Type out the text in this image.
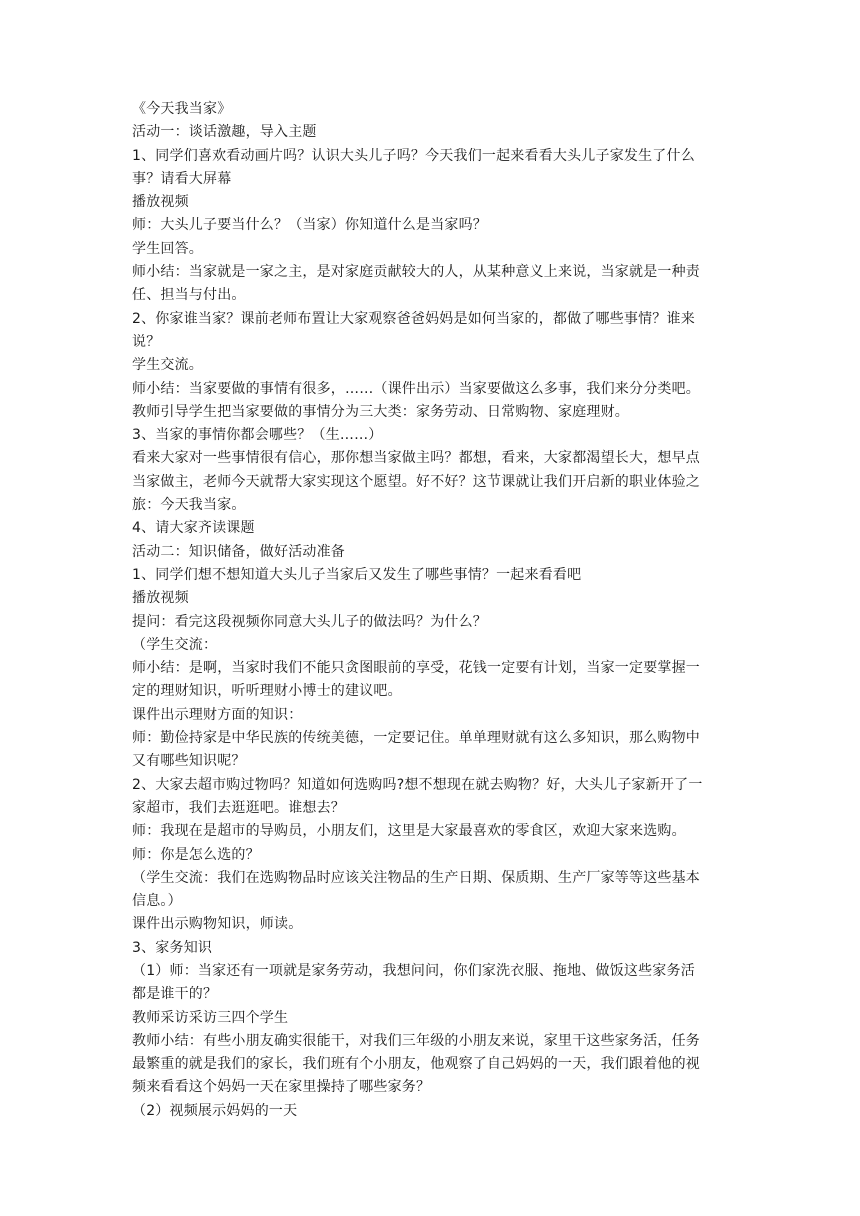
《今天我当家》

活动一：谈话激趣，导入主题

1、同学们喜欢看动画片吗？认识大头儿子吗？今天我们一起来看看大头儿子家发生了什么

事？请看大屏幕

播放视频

师：大头儿子要当什么？（当家）你知道什么是当家吗？

学生回答。

师小结：当家就是一家之主，是对家庭贡献较大的人，从某种意义上来说，当家就是一种责

任、担当与付出。

2、你家谁当家？课前老师布置让大家观察爸爸妈妈是如何当家的，都做了哪些事情？谁来

说？

学生交流。

师小结：当家要做的事情有很多，……（课件出示）当家要做这么多事，我们来分分类吧。

教师引导学生把当家要做的事情分为三大类：家务劳动、日常购物、家庭理财。

3、当家的事情你都会哪些？（生……）

看来大家对一些事情很有信心，那你想当家做主吗？都想，看来，大家都渴望长大，想早点

当家做主，老师今天就帮大家实现这个愿望。好不好？这节课就让我们开启新的职业体验之

旅：今天我当家。

4、请大家齐读课题

活动二：知识储备，做好活动准备

1、同学们想不想知道大头儿子当家后又发生了哪些事情？一起来看看吧

播放视频

提问：看完这段视频你同意大头儿子的做法吗？为什么？

（学生交流：

师小结：是啊，当家时我们不能只贪图眼前的享受，花钱一定要有计划，当家一定要掌握一

定的理财知识，听听理财小博士的建议吧。

课件出示理财方面的知识：

师：勤俭持家是中华民族的传统美德，一定要记住。单单理财就有这么多知识，那么购物中

又有哪些知识呢？

2、大家去超市购过物吗？知道如何选购吗?想不想现在就去购物？好，大头儿子家新开了一

家超市，我们去逛逛吧。谁想去？

师：我现在是超市的导购员，小朋友们，这里是大家最喜欢的零食区，欢迎大家来选购。

师：你是怎么选的？

（学生交流：我们在选购物品时应该关注物品的生产日期、保质期、生产厂家等等这些基本

信息。）

课件出示购物知识，师读。

3、家务知识

（1）师：当家还有一项就是家务劳动，我想问问，你们家洗衣服、拖地、做饭这些家务活

都是谁干的？

教师采访采访三四个学生

教师小结：有些小朋友确实很能干，对我们三年级的小朋友来说，家里干这些家务活，任务

最繁重的就是我们的家长，我们班有个小朋友，他观察了自己妈妈的一天，我们跟着他的视

频来看看这个妈妈一天在家里操持了哪些家务？

（2）视频展示妈妈的一天
